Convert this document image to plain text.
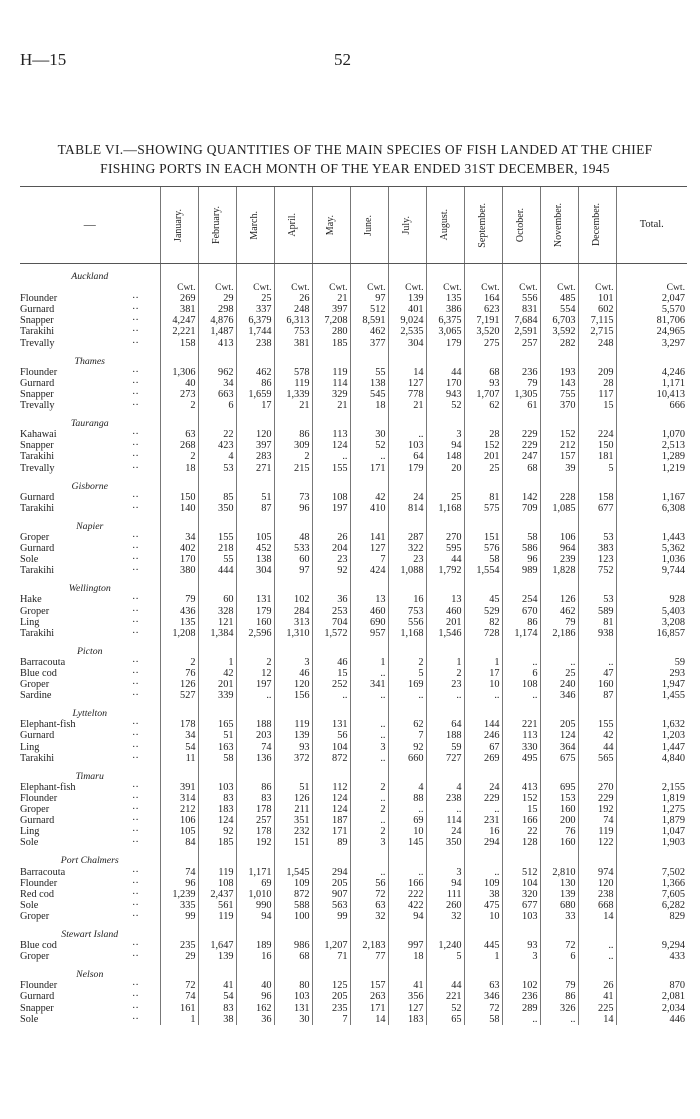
H—15	52
TABLE VI.—SHOWING QUANTITIES OF THE MAIN SPECIES OF FISH LANDED AT THE CHIEF
FISHING PORTS IN EACH MONTH OF THE YEAR ENDED 31ST DECEMBER, 1945
—	January.	February.	March.	April.	May.	June.	July.	August.	September.	October.	November.	December.	Total.
Auckland													
	Cwt.	Cwt.	Cwt.	Cwt.	Cwt.	Cwt.	Cwt.	Cwt.	Cwt.	Cwt.	Cwt.	Cwt.	Cwt.
Flounder ··	269	29	25	26	21	97	139	135	164	556	485	101	2,047
Gurnard ··	381	298	337	248	397	512	401	386	623	831	554	602	5,570
Snapper ··	4,247	4,876	6,379	6,313	7,208	8,591	9,024	6,375	7,191	7,684	6,703	7,115	81,706
Tarakihi ··	2,221	1,487	1,744	753	280	462	2,535	3,065	3,520	2,591	3,592	2,715	24,965
Trevally ··	158	413	238	381	185	377	304	179	275	257	282	248	3,297
Thames													
Flounder ··	1,306	962	462	578	119	55	14	44	68	236	193	209	4,246
Gurnard ··	40	34	86	119	114	138	127	170	93	79	143	28	1,171
Snapper ··	273	663	1,659	1,339	329	545	778	943	1,707	1,305	755	117	10,413
Trevally ··	2	6	17	21	21	18	21	52	62	61	370	15	666
Tauranga													
Kahawai ··	63	22	120	86	113	30	..	3	28	229	152	224	1,070
Snapper ··	268	423	397	309	124	52	103	94	152	229	212	150	2,513
Tarakihi ··	2	4	283	2	..	..	64	148	201	247	157	181	1,289
Trevally ··	18	53	271	215	155	171	179	20	25	68	39	5	1,219
Gisborne													
Gurnard ··	150	85	51	73	108	42	24	25	81	142	228	158	1,167
Tarakihi ··	140	350	87	96	197	410	814	1,168	575	709	1,085	677	6,308
Napier													
Groper ··	34	155	105	48	26	141	287	270	151	58	106	53	1,443
Gurnard ··	402	218	452	533	204	127	322	595	576	586	964	383	5,362
Sole ··	170	55	138	60	23	7	23	44	58	96	239	123	1,036
Tarakihi ··	380	444	304	97	92	424	1,088	1,792	1,554	989	1,828	752	9,744
Wellington													
Hake ··	79	60	131	102	36	13	16	13	45	254	126	53	928
Groper ··	436	328	179	284	253	460	753	460	529	670	462	589	5,403
Ling ··	135	121	160	313	704	690	556	201	82	86	79	81	3,208
Tarakihi ··	1,208	1,384	2,596	1,310	1,572	957	1,168	1,546	728	1,174	2,186	938	16,857
Picton													
Barracouta ··	2	1	2	3	46	1	2	1	1	..	..	..	59
Blue cod ··	76	42	12	46	15	..	5	2	17	6	25	47	293
Groper ··	126	201	197	120	252	341	169	23	10	108	240	160	1,947
Sardine ··	527	339	..	156	..	..	..	..	..	..	346	87	1,455
Lyttelton													
Elephant-fish ··	178	165	188	119	131	..	62	64	144	221	205	155	1,632
Gurnard ··	34	51	203	139	56	..	7	188	246	113	124	42	1,203
Ling ··	54	163	74	93	104	3	92	59	67	330	364	44	1,447
Tarakihi ··	11	58	136	372	872	..	660	727	269	495	675	565	4,840
Timaru													
Elephant-fish ··	391	103	86	51	112	2	4	4	24	413	695	270	2,155
Flounder ··	314	83	83	126	124	..	88	238	229	152	153	229	1,819
Groper ··	212	183	178	211	124	2	..	..	..	15	160	192	1,275
Gurnard ··	106	124	257	351	187	..	69	114	231	166	200	74	1,879
Ling ··	105	92	178	232	171	2	10	24	16	22	76	119	1,047
Sole ··	84	185	192	151	89	3	145	350	294	128	160	122	1,903
Port Chalmers													
Barracouta ··	74	119	1,171	1,545	294	..	..	3	..	512	2,810	974	7,502
Flounder ··	96	108	69	109	205	56	166	94	109	104	130	120	1,366
Red cod ··	1,239	2,437	1,010	872	907	72	222	111	38	320	139	238	7,605
Sole ··	335	561	990	588	563	63	422	260	475	677	680	668	6,282
Groper ··	99	119	94	100	99	32	94	32	10	103	33	14	829
Stewart Island													
Blue cod ··	235	1,647	189	986	1,207	2,183	997	1,240	445	93	72	..	9,294
Groper ··	29	139	16	68	71	77	18	5	1	3	6	..	433
Nelson													
Flounder ··	72	41	40	80	125	157	41	44	63	102	79	26	870
Gurnard ··	74	54	96	103	205	263	356	221	346	236	86	41	2,081
Snapper ··	161	83	162	131	235	171	127	52	72	289	326	225	2,034
Sole ··	1	38	36	30	7	14	183	65	58	..	..	14	446
